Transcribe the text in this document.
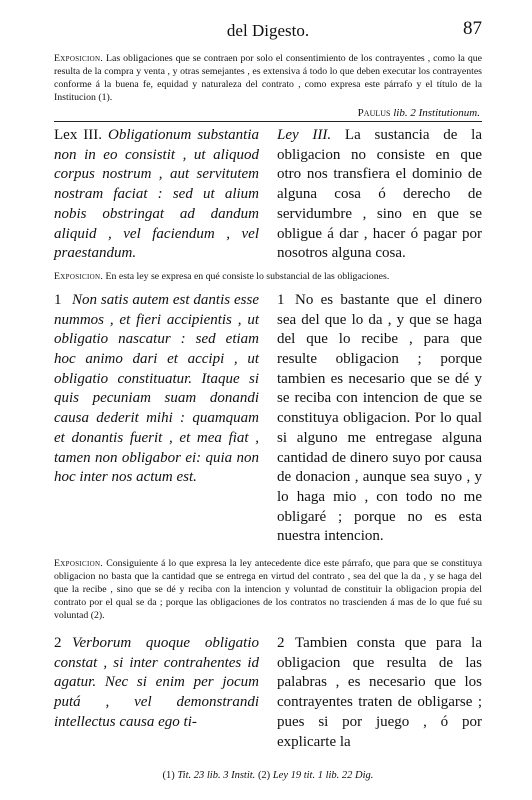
del Digesto.	87

Exposicion. Las obligaciones que se contraen por solo el consentimiento de los contrayentes , como la que resulta de la compra y venta , y otras semejantes , es extensiva á todo lo que deben executar los contrayentes conforme á la buena fe, equidad y naturaleza del contrato , como expresa este párrafo y el título de la Institucion (1).

Paulus lib. 2 Institutionum.
Lex III. Obligationum substantia non in eo consistit , ut aliquod corpus nostrum , aut servitutem nostram faciat : sed ut alium nobis obstringat ad dandum aliquid , vel faciendum , vel praestandum.
Ley III. La sustancia de la obligacion no consiste en que otro nos transfiera el dominio de alguna cosa ó derecho de servidumbre , sino en que se obligue á dar , hacer ó pagar por nosotros alguna cosa.

Exposicion. En esta ley se expresa en qué consiste lo substancial de las obligaciones.

1 Non satis autem est dantis esse nummos , et fieri accipientis , ut obligatio nascatur : sed etiam hoc animo dari et accipi , ut obligatio constituatur. Itaque si quis pecuniam suam donandi causa dederit mihi : quamquam et donantis fuerit , et mea fiat , tamen non obligabor ei: quia non hoc inter nos actum est.
1 No es bastante que el dinero sea del que lo da , y que se haga del que lo recibe , para que resulte obligacion ; porque tambien es necesario que se dé y se reciba con intencion de que se constituya obligacion. Por lo qual si alguno me entregase alguna cantidad de dinero suyo por causa de donacion , aunque sea suyo , y lo haga mio , con todo no me obligaré ; porque no es esta nuestra intencion.

Exposicion. Consiguiente á lo que expresa la ley antecedente dice este párrafo, que para que se constituya obligacion no basta que la cantidad que se entrega en virtud del contrato , sea del que la da , y se haga del que la recibe , sino que se dé y reciba con la intencion y voluntad de constituir la obligacion propia del contrato por el qual se da ; porque las obligaciones de los contratos no trascienden á mas de lo que fué su voluntad (2).

2 Verborum quoque obligatio constat , si inter contrahentes id agatur. Nec si enim per jocum putá , vel demonstrandi intellectus causa ego ti-
2 Tambien consta que para la obligacion que resulta de las palabras , es necesario que los contrayentes traten de obligarse ; pues si por juego , ó por explicarte la
(1) Tit. 23 lib. 3 Instit. (2) Ley 19 tit. 1 lib. 22 Dig.
